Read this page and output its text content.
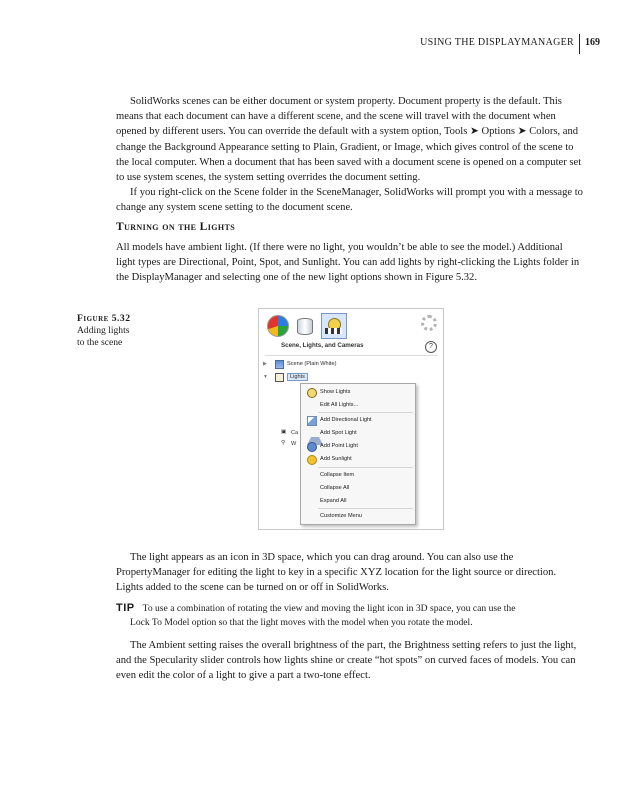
USING THE DISPLAYMANAGER 169

SolidWorks scenes can be either document or system property. Document property is the default. This means that each document can have a different scene, and the scene will travel with the document when opened by different users. You can override the default with a system option, Tools ➤ Options ➤ Colors, and change the Background Appearance setting to Plain, Gradient, or Image, which gives control of the scene to the local computer. When a document that has been saved with a document scene is opened on a computer set to use system scenes, the system setting overrides the document setting.

If you right-click on the Scene folder in the SceneManager, SolidWorks will prompt you with a message to change any system scene setting to the document scene.

Turning on the Lights

All models have ambient light. (If there were no light, you wouldn’t be able to see the model.) Additional light types are Directional, Point, Spot, and Sunlight. You can add lights by right-clicking the Lights folder in the DisplayManager and selecting one of the new light options shown in Figure 5.32.

Figure 5.32
Adding lights
to the scene	Scene, Lights, and Cameras	?
▶	Scene (Plain White)
▼	Lights
▣ Ca
⚲ W
Show Lights
Edit All Lights...
Add Directional Light
Add Spot Light
Add Point Light
Add Sunlight
Collapse Item
Collapse All
Expand All
Customize Menu

The light appears as an icon in 3D space, which you can drag around. You can also use the PropertyManager for editing the light to key in a specific XYZ location for the light source or direction. Lights added to the scene can be turned on or off in SolidWorks.

TIP To use a combination of rotating the view and moving the light icon in 3D space, you can use the
Lock To Model option so that the light moves with the model when you rotate the model.

The Ambient setting raises the overall brightness of the part, the Brightness setting refers to just the light, and the Specularity slider controls how lights shine or create “hot spots” on curved faces of models. You can even edit the color of a light to give a part a two-tone effect.
